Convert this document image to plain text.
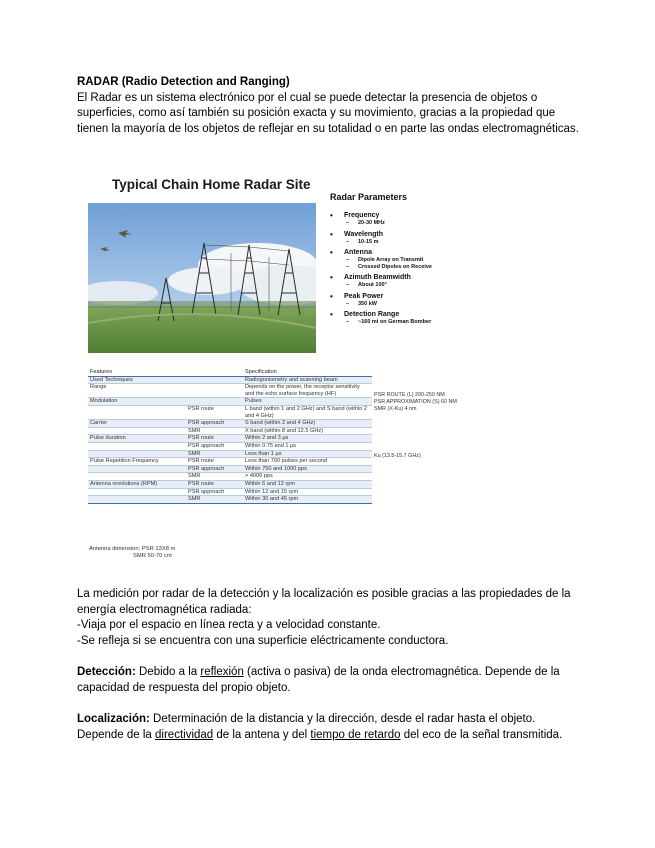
RADAR (Radio Detection and Ranging)
El Radar es un sistema electrónico por el cual se puede detectar la presencia de objetos o superficies, como así también su posición exacta y su movimiento, gracias a la propiedad que tienen la mayoría de los objetos de reflejar en su totalidad o en parte las ondas electromagnéticas.

Typical Chain Home Radar Site
Radar Parameters
• Frequency
– 20-30 MHz
• Wavelength
– 10-15 m
• Antenna
– Dipole Array on Transmit
– Crossed Dipoles on Receive
• Azimuth Beamwidth
– About 100°
• Peak Power
– 350 kW
• Detection Range
– ~160 mi on German Bomber
Features		Specification
Used Techniques		Radiogoniometry and scanning beam
Range		Depends on the power, the receptor sensitivity and the echo surface frequency (HF)
Modulation		Pulses
	PSR route	L band (within 1 and 2 GHz) and S band (within 2 and 4 GHz)
Carrier	PSR approach	S band (within 2 and 4 GHz)
	SMR	X band (within 8 and 12.5 GHz)
Pulse duration	PSR route	Within 2 and 3 µs
	PSR approach	Within 0.75 and 1 µs
	SMR	Less than 1 µs
Pulse Repetition Frequency	PSR route	Less than 700 pulses per second
	PSR approach	Within 750 and 1000 pps
	SMR	> 4000 pps
Antenna revolutions (RPM)	PSR route	Within 6 and 12 rpm
	PSR approach	Within 12 and 15 rpm
	SMR	Within 30 and 45 rpm
PSR ROUTE (L) 200-250 NM
PSR APPROXIMATION (S) 60 NM
SMR (X-Ku) 4 nm
Ku (13.5-15.7 GHz)
Antenna dimension: PSR 13X8 m
SMR 50-70 cm

La medición por radar de la detección y la localización es posible gracias a las propiedades de la energía electromagnética radiada:

-Viaja por el espacio en línea recta y a velocidad constante.

-Se refleja si se encuentra con una superficie eléctricamente conductora.

Detección: Debido a la reflexión (activa o pasiva) de la onda electromagnética. Depende de la capacidad de respuesta del propio objeto.

Localización: Determinación de la distancia y la dirección, desde el radar hasta el objeto. Depende de la directividad de la antena y del tiempo de retardo del eco de la señal transmitida.
